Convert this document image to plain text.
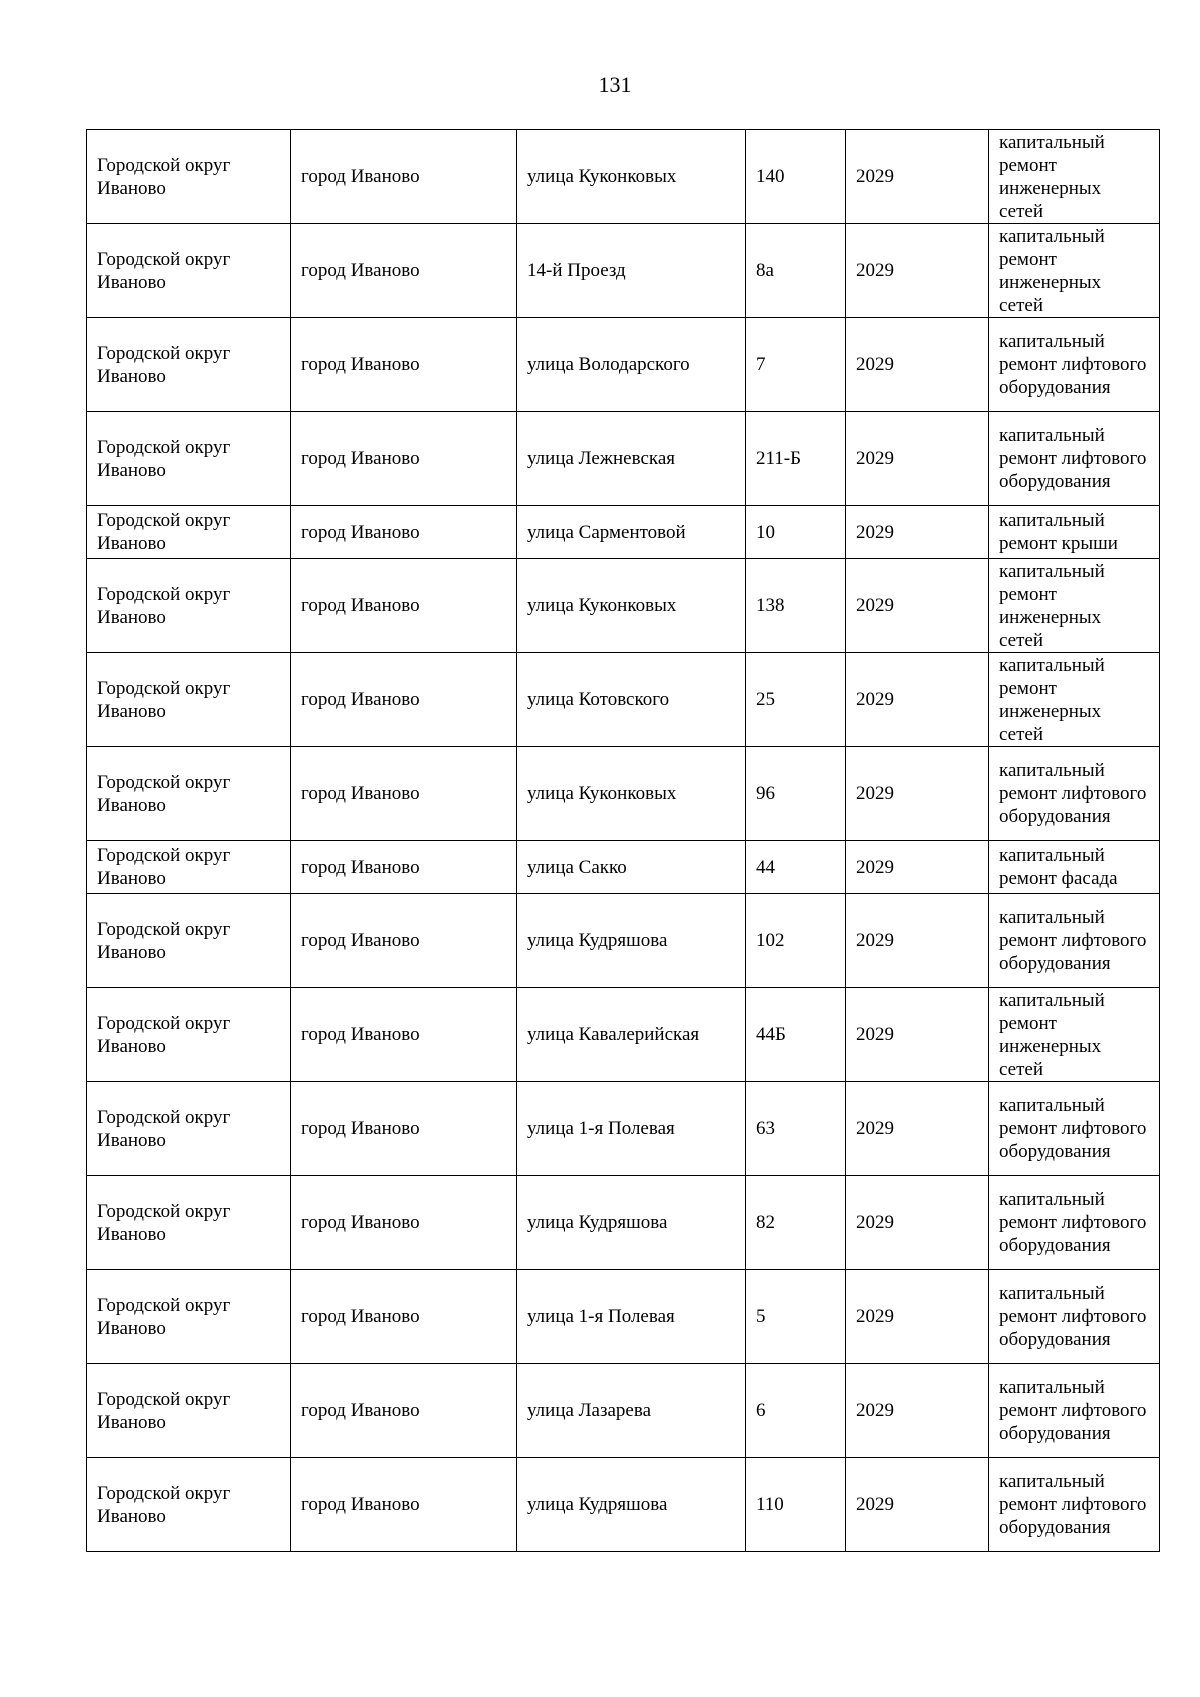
131
Городской округ Иваново	город Иваново	улица Куконковых	140	2029	капитальный ремонт инженерных сетей
Городской округ Иваново	город Иваново	14-й Проезд	8а	2029	капитальный ремонт инженерных сетей
Городской округ Иваново	город Иваново	улица Володарского	7	2029	капитальный ремонт лифтового оборудования
Городской округ Иваново	город Иваново	улица Лежневская	211-Б	2029	капитальный ремонт лифтового оборудования
Городской округ Иваново	город Иваново	улица Сарментовой	10	2029	капитальный ремонт крыши
Городской округ Иваново	город Иваново	улица Куконковых	138	2029	капитальный ремонт инженерных сетей
Городской округ Иваново	город Иваново	улица Котовского	25	2029	капитальный ремонт инженерных сетей
Городской округ Иваново	город Иваново	улица Куконковых	96	2029	капитальный ремонт лифтового оборудования
Городской округ Иваново	город Иваново	улица Сакко	44	2029	капитальный ремонт фасада
Городской округ Иваново	город Иваново	улица Кудряшова	102	2029	капитальный ремонт лифтового оборудования
Городской округ Иваново	город Иваново	улица Кавалерийская	44Б	2029	капитальный ремонт инженерных сетей
Городской округ Иваново	город Иваново	улица 1-я Полевая	63	2029	капитальный ремонт лифтового оборудования
Городской округ Иваново	город Иваново	улица Кудряшова	82	2029	капитальный ремонт лифтового оборудования
Городской округ Иваново	город Иваново	улица 1-я Полевая	5	2029	капитальный ремонт лифтового оборудования
Городской округ Иваново	город Иваново	улица Лазарева	6	2029	капитальный ремонт лифтового оборудования
Городской округ Иваново	город Иваново	улица Кудряшова	110	2029	капитальный ремонт лифтового оборудования
